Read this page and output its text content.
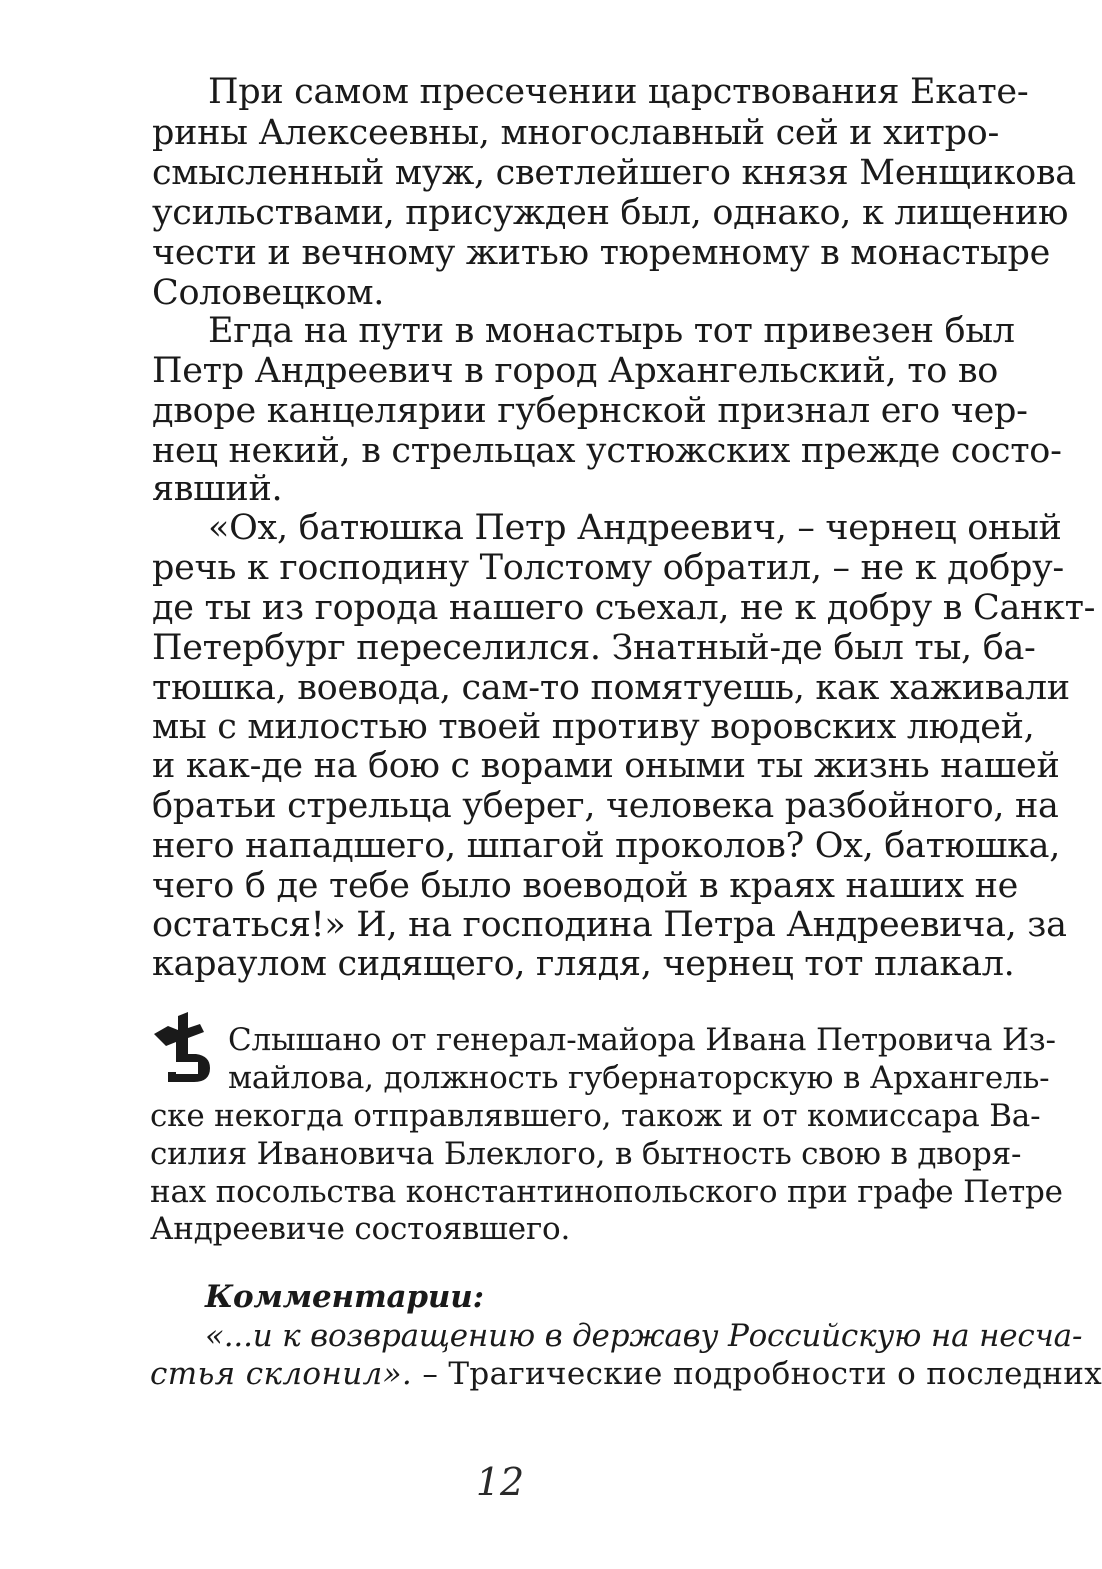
При самом пресечении царствования Екате-
рины Алексеевны, многославный сей и хитро-
смысленный муж, светлейшего князя Менщикова
усильствами, присужден был, однако, к лищению
чести и вечному житью тюремному в монастыре
Соловецком.
Егда на пути в монастырь тот привезен был
Петр Андреевич в город Архангельский, то во
дворе канцелярии губернской признал его чер-
нец некий, в стрельцах устюжских прежде состо-
явший.
«Ох, батюшка Петр Андреевич, – чернец оный
речь к господину Толстому обратил, – не к добру-
де ты из города нашего съехал, не к добру в Санкт-
Петербург переселился. Знатный-де был ты, ба-
тюшка, воевода, сам-то помятуешь, как хаживали
мы с милостью твоей противу воровских людей,
и как-де на бою с ворами оными ты жизнь нашей
братьи стрельца уберег, человека разбойного, на
него нападшего, шпагой проколов? Ох, батюшка,
чего б де тебе было воеводой в краях наших не
остаться!» И, на господина Петра Андреевича, за
караулом сидящего, глядя, чернец тот плакал.
Слышано от генерал-майора Ивана Петровича Из-
майлова, должность губернаторскую в Архангель-
ске некогда отправлявшего, також и от комиссара Ва-
силия Ивановича Блеклого, в бытность свою в дворя-
нах посольства константинопольского при графе Петре
Андреевиче состоявшего.
Комментарии:
«...и к возвращению в державу Российскую на несча-
стья склонил». – Трагические подробности о последних
12
